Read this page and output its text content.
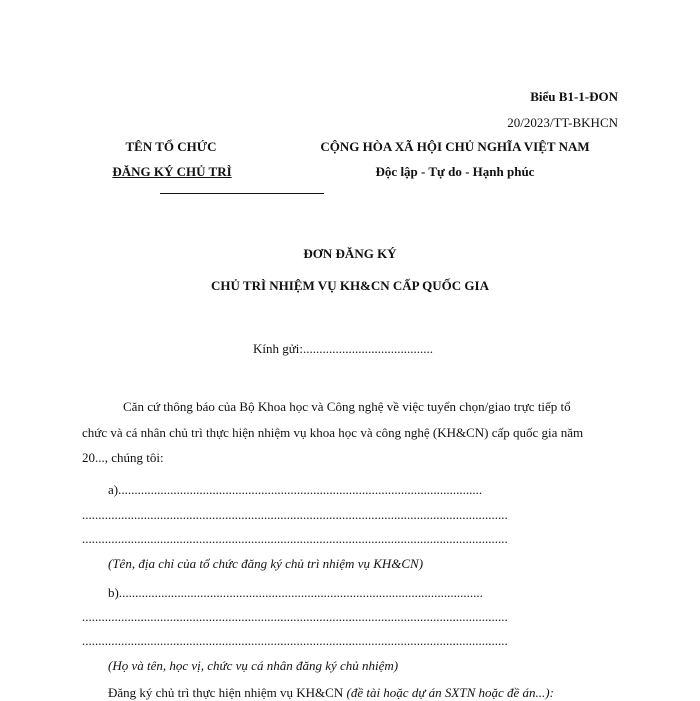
Biểu B1-1-ĐON
20/2023/TT-BKHCN
TÊN TỔ CHỨC
ĐĂNG KÝ CHỦ TRÌ
CỘNG HÒA XÃ HỘI CHỦ NGHĨA VIỆT NAM
Độc lập - Tự do - Hạnh phúc
ĐƠN ĐĂNG KÝ
CHỦ TRÌ NHIỆM VỤ KH&CN CẤP QUỐC GIA
Kính gửi:........................................
Căn cứ thông báo của Bộ Khoa học và Công nghệ về việc tuyển chọn/giao trực tiếp tổ
chức và cá nhân chủ trì thực hiện nhiệm vụ khoa học và công nghệ (KH&CN) cấp quốc gia năm
20..., chúng tôi:
a)................................................................................................................
...................................................................................................................................
...................................................................................................................................
(Tên, địa chỉ của tổ chức đăng ký chủ trì nhiệm vụ KH&CN)
b)................................................................................................................
...................................................................................................................................
...................................................................................................................................
(Họ và tên, học vị, chức vụ cá nhân đăng ký chủ nhiệm)
Đăng ký chủ trì thực hiện nhiệm vụ KH&CN (đề tài hoặc dự án SXTN hoặc đề án...):
